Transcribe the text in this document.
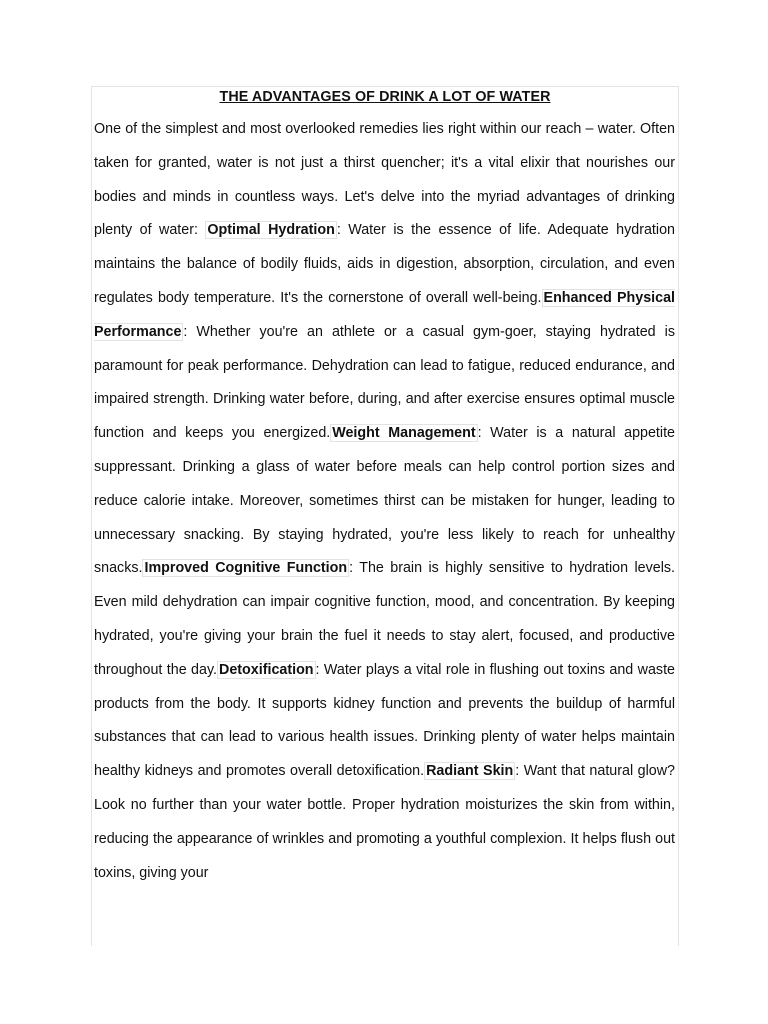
THE ADVANTAGES OF DRINK A LOT OF WATER

One of the simplest and most overlooked remedies lies right within our reach – water. Often taken for granted, water is not just a thirst quencher; it's a vital elixir that nourishes our bodies and minds in countless ways. Let's delve into the myriad advantages of drinking plenty of water: Optimal Hydration : Water is the essence of life. Adequate hydration maintains the balance of bodily fluids, aids in digestion, absorption, circulation, and even regulates body temperature. It's the cornerstone of overall well-being. Enhanced Physical Performance : Whether you're an athlete or a casual gym-goer, staying hydrated is paramount for peak performance. Dehydration can lead to fatigue, reduced endurance, and impaired strength. Drinking water before, during, and after exercise ensures optimal muscle function and keeps you energized. Weight Management : Water is a natural appetite suppressant. Drinking a glass of water before meals can help control portion sizes and reduce calorie intake. Moreover, sometimes thirst can be mistaken for hunger, leading to unnecessary snacking. By staying hydrated, you're less likely to reach for unhealthy snacks. Improved Cognitive Function : The brain is highly sensitive to hydration levels. Even mild dehydration can impair cognitive function, mood, and concentration. By keeping hydrated, you're giving your brain the fuel it needs to stay alert, focused, and productive throughout the day. Detoxification : Water plays a vital role in flushing out toxins and waste products from the body. It supports kidney function and prevents the buildup of harmful substances that can lead to various health issues. Drinking plenty of water helps maintain healthy kidneys and promotes overall detoxification. Radiant Skin : Want that natural glow? Look no further than your water bottle. Proper hydration moisturizes the skin from within, reducing the appearance of wrinkles and promoting a youthful complexion. It helps flush out toxins, giving your
